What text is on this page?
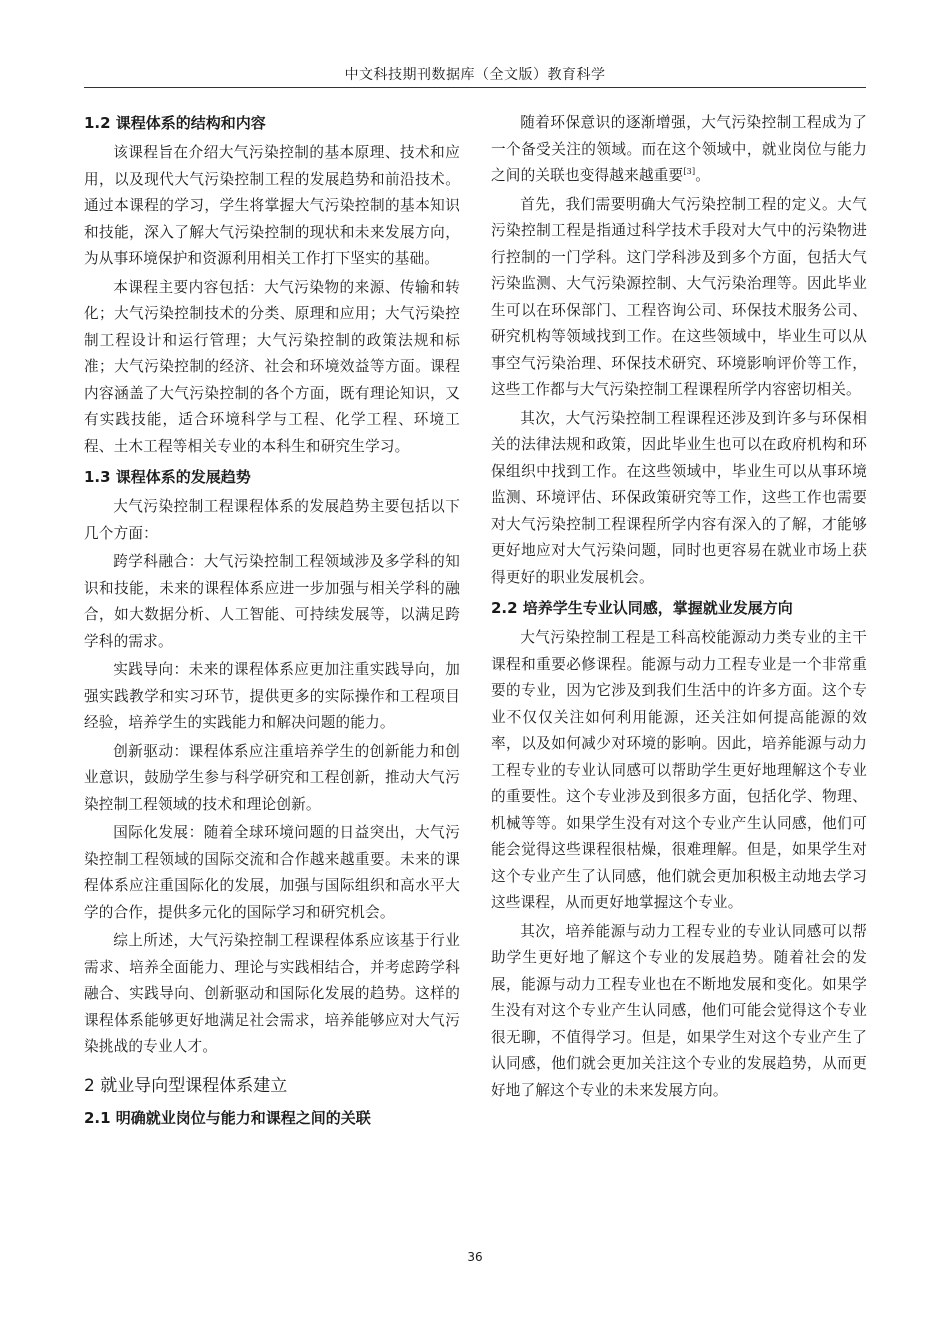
中文科技期刊数据库（全文版）教育科学
1.2 课程体系的结构和内容

该课程旨在介绍大气污染控制的基本原理、技术和应用，以及现代大气污染控制工程的发展趋势和前沿技术。通过本课程的学习，学生将掌握大气污染控制的基本知识和技能，深入了解大气污染控制的现状和未来发展方向，为从事环境保护和资源利用相关工作打下坚实的基础。

本课程主要内容包括：大气污染物的来源、传输和转化；大气污染控制技术的分类、原理和应用；大气污染控制工程设计和运行管理；大气污染控制的政策法规和标准；大气污染控制的经济、社会和环境效益等方面。课程内容涵盖了大气污染控制的各个方面，既有理论知识，又有实践技能，适合环境科学与工程、化学工程、环境工程、土木工程等相关专业的本科生和研究生学习。

1.3 课程体系的发展趋势

大气污染控制工程课程体系的发展趋势主要包括以下几个方面：

跨学科融合：大气污染控制工程领域涉及多学科的知识和技能，未来的课程体系应进一步加强与相关学科的融合，如大数据分析、人工智能、可持续发展等，以满足跨学科的需求。

实践导向：未来的课程体系应更加注重实践导向，加强实践教学和实习环节，提供更多的实际操作和工程项目经验，培养学生的实践能力和解决问题的能力。

创新驱动：课程体系应注重培养学生的创新能力和创业意识，鼓励学生参与科学研究和工程创新，推动大气污染控制工程领域的技术和理论创新。

国际化发展：随着全球环境问题的日益突出，大气污染控制工程领域的国际交流和合作越来越重要。未来的课程体系应注重国际化的发展，加强与国际组织和高水平大学的合作，提供多元化的国际学习和研究机会。

综上所述，大气污染控制工程课程体系应该基于行业需求、培养全面能力、理论与实践相结合，并考虑跨学科融合、实践导向、创新驱动和国际化发展的趋势。这样的课程体系能够更好地满足社会需求，培养能够应对大气污染挑战的专业人才。

2 就业导向型课程体系建立
2.1 明确就业岗位与能力和课程之间的关联

随着环保意识的逐渐增强，大气污染控制工程成为了一个备受关注的领域。而在这个领域中，就业岗位与能力之间的关联也变得越来越重要[3]。

首先，我们需要明确大气污染控制工程的定义。大气污染控制工程是指通过科学技术手段对大气中的污染物进行控制的一门学科。这门学科涉及到多个方面，包括大气污染监测、大气污染源控制、大气污染治理等。因此毕业生可以在环保部门、工程咨询公司、环保技术服务公司、研究机构等领域找到工作。在这些领域中，毕业生可以从事空气污染治理、环保技术研究、环境影响评价等工作，这些工作都与大气污染控制工程课程所学内容密切相关。

其次，大气污染控制工程课程还涉及到许多与环保相关的法律法规和政策，因此毕业生也可以在政府机构和环保组织中找到工作。在这些领域中，毕业生可以从事环境监测、环境评估、环保政策研究等工作，这些工作也需要对大气污染控制工程课程所学内容有深入的了解，才能够更好地应对大气污染问题，同时也更容易在就业市场上获得更好的职业发展机会。

2.2 培养学生专业认同感，掌握就业发展方向

大气污染控制工程是工科高校能源动力类专业的主干课程和重要必修课程。能源与动力工程专业是一个非常重要的专业，因为它涉及到我们生活中的许多方面。这个专业不仅仅关注如何利用能源，还关注如何提高能源的效率，以及如何减少对环境的影响。因此，培养能源与动力工程专业的专业认同感可以帮助学生更好地理解这个专业的重要性。这个专业涉及到很多方面，包括化学、物理、机械等等。如果学生没有对这个专业产生认同感，他们可能会觉得这些课程很枯燥，很难理解。但是，如果学生对这个专业产生了认同感，他们就会更加积极主动地去学习这些课程，从而更好地掌握这个专业。

其次，培养能源与动力工程专业的专业认同感可以帮助学生更好地了解这个专业的发展趋势。随着社会的发展，能源与动力工程专业也在不断地发展和变化。如果学生没有对这个专业产生认同感，他们可能会觉得这个专业很无聊，不值得学习。但是，如果学生对这个专业产生了认同感，他们就会更加关注这个专业的发展趋势，从而更好地了解这个专业的未来发展方向。

36
